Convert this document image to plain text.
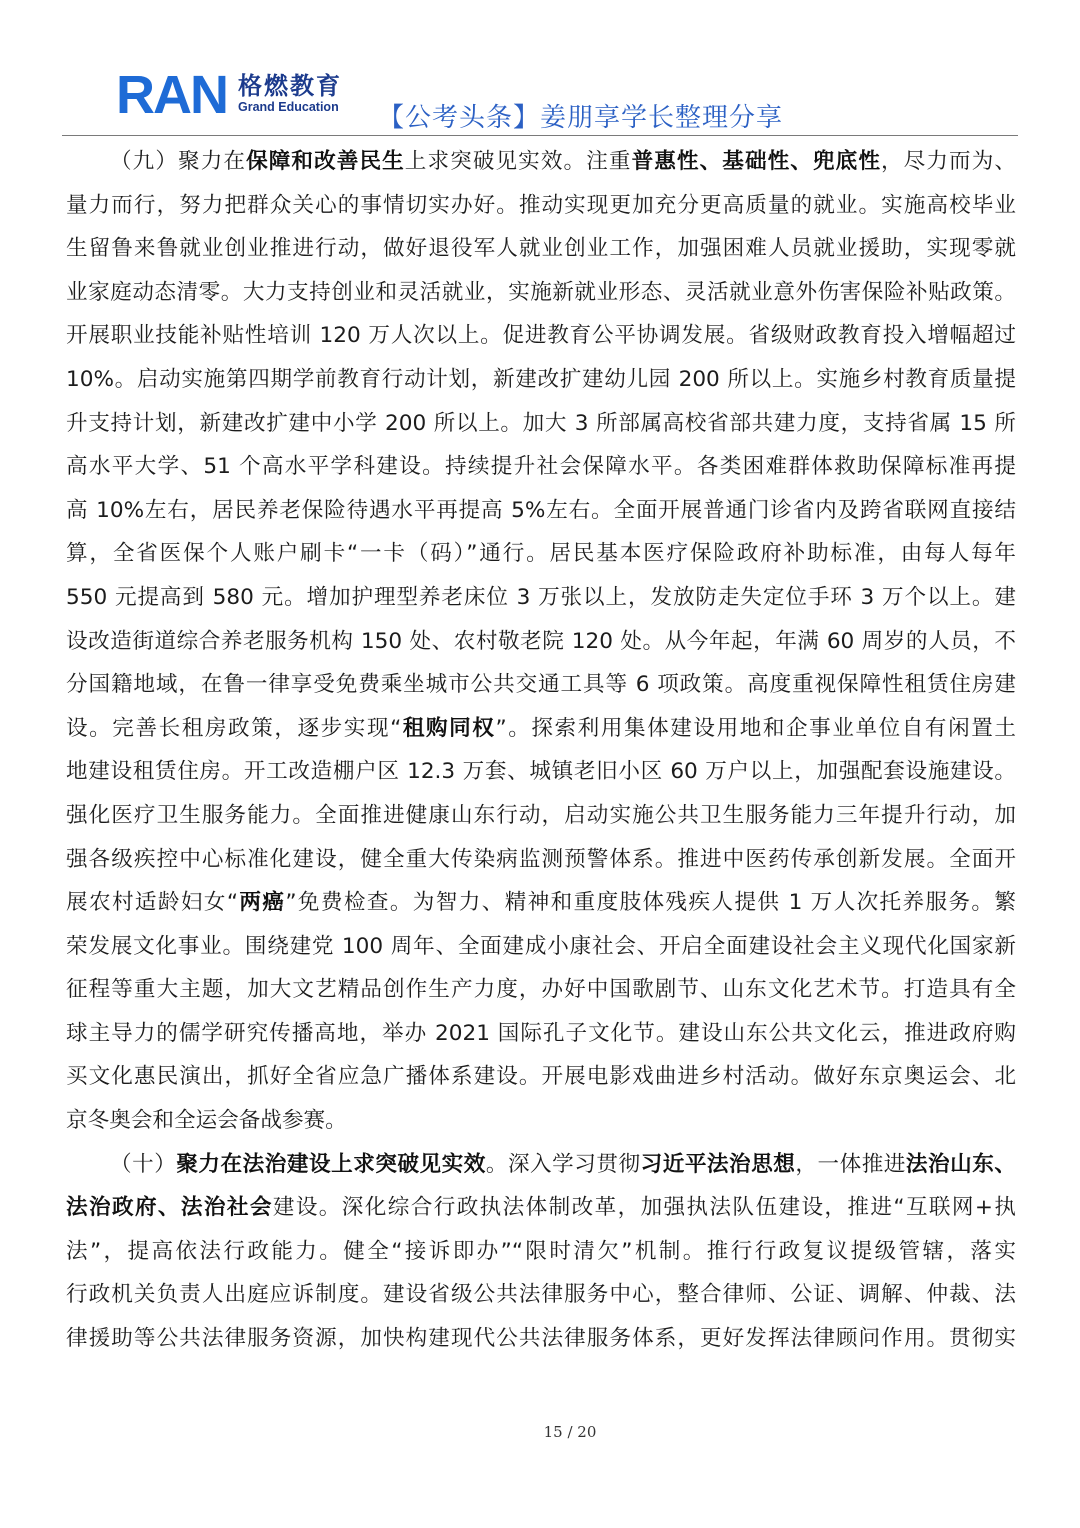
RAN 格燃教育
Grand Education 【公考头条】姜朋享学长整理分享
（九）聚力在保障和改善民生上求突破见实效。注重普惠性、基础性、兜底性，尽力而为、
量力而行，努力把群众关心的事情切实办好。推动实现更加充分更高质量的就业。实施高校毕业
生留鲁来鲁就业创业推进行动，做好退役军人就业创业工作，加强困难人员就业援助，实现零就
业家庭动态清零。大力支持创业和灵活就业，实施新就业形态、灵活就业意外伤害保险补贴政策。
开展职业技能补贴性培训 120 万人次以上。促进教育公平协调发展。省级财政教育投入增幅超过
10%。启动实施第四期学前教育行动计划，新建改扩建幼儿园 200 所以上。实施乡村教育质量提
升支持计划，新建改扩建中小学 200 所以上。加大 3 所部属高校省部共建力度，支持省属 15 所
高水平大学、51 个高水平学科建设。持续提升社会保障水平。各类困难群体救助保障标准再提
高 10%左右，居民养老保险待遇水平再提高 5%左右。全面开展普通门诊省内及跨省联网直接结
算，全省医保个人账户刷卡“一卡（码）”通行。居民基本医疗保险政府补助标准，由每人每年
550 元提高到 580 元。增加护理型养老床位 3 万张以上，发放防走失定位手环 3 万个以上。建
设改造街道综合养老服务机构 150 处、农村敬老院 120 处。从今年起，年满 60 周岁的人员，不
分国籍地域，在鲁一律享受免费乘坐城市公共交通工具等 6 项政策。高度重视保障性租赁住房建
设。完善长租房政策，逐步实现“租购同权”。探索利用集体建设用地和企事业单位自有闲置土
地建设租赁住房。开工改造棚户区 12.3 万套、城镇老旧小区 60 万户以上，加强配套设施建设。
强化医疗卫生服务能力。全面推进健康山东行动，启动实施公共卫生服务能力三年提升行动，加
强各级疾控中心标准化建设，健全重大传染病监测预警体系。推进中医药传承创新发展。全面开
展农村适龄妇女“两癌”免费检查。为智力、精神和重度肢体残疾人提供 1 万人次托养服务。繁
荣发展文化事业。围绕建党 100 周年、全面建成小康社会、开启全面建设社会主义现代化国家新
征程等重大主题，加大文艺精品创作生产力度，办好中国歌剧节、山东文化艺术节。打造具有全
球主导力的儒学研究传播高地，举办 2021 国际孔子文化节。建设山东公共文化云，推进政府购
买文化惠民演出，抓好全省应急广播体系建设。开展电影戏曲进乡村活动。做好东京奥运会、北
京冬奥会和全运会备战参赛。
（十）聚力在法治建设上求突破见实效。深入学习贯彻习近平法治思想，一体推进法治山东、
法治政府、法治社会建设。深化综合行政执法体制改革，加强执法队伍建设，推进“互联网+执
法”，提高依法行政能力。健全“接诉即办”“限时清欠”机制。推行行政复议提级管辖，落实
行政机关负责人出庭应诉制度。建设省级公共法律服务中心，整合律师、公证、调解、仲裁、法
律援助等公共法律服务资源，加快构建现代公共法律服务体系，更好发挥法律顾问作用。贯彻实
15 / 20
